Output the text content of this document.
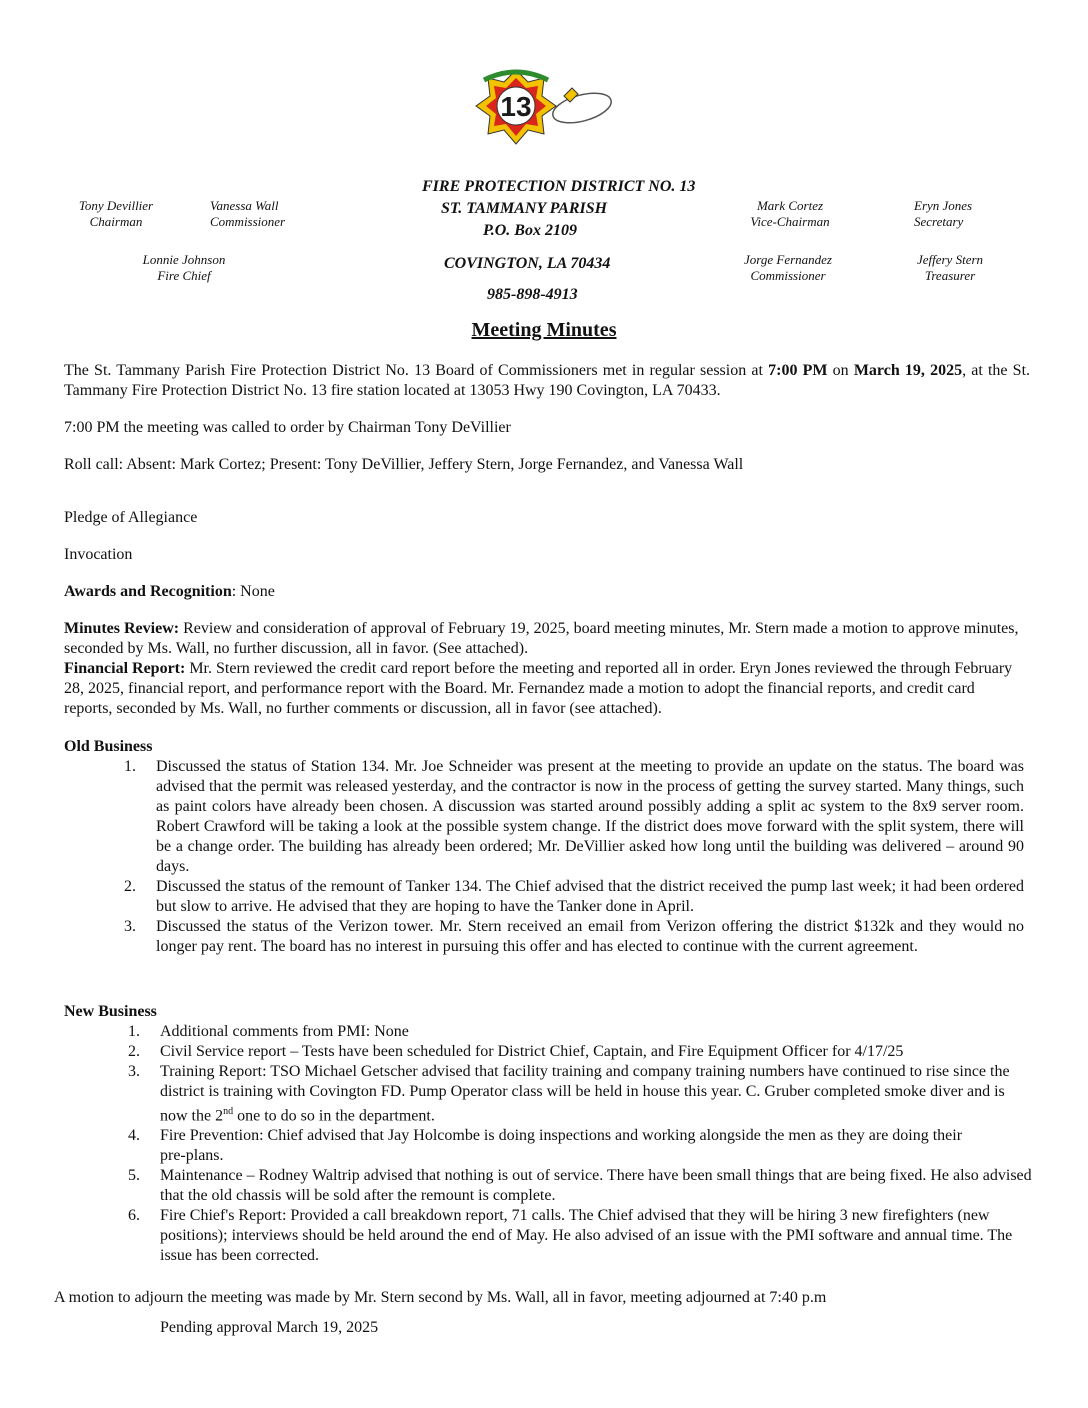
13
Tony Devillier
Chairman
Vanessa Wall
Commissioner
Lonnie Johnson
Fire Chief
Mark Cortez
Vice-Chairman
Eryn Jones
Secretary
Jorge Fernandez
Commissioner
Jeffery Stern
Treasurer
FIRE PROTECTION DISTRICT NO. 13
ST. TAMMANY PARISH
P.O. Box 2109
COVINGTON, LA 70434
985-898-4913
Meeting Minutes
The St. Tammany Parish Fire Protection District No. 13 Board of Commissioners met in regular session at 7:00 PM on March 19, 2025, at the St. Tammany Fire Protection District No. 13 fire station located at 13053 Hwy 190 Covington, LA 70433.
7:00 PM the meeting was called to order by Chairman Tony DeVillier
Roll call: Absent: Mark Cortez; Present: Tony DeVillier, Jeffery Stern, Jorge Fernandez, and Vanessa Wall
Pledge of Allegiance
Invocation
Awards and Recognition: None
Minutes Review: Review and consideration of approval of February 19, 2025, board meeting minutes, Mr. Stern made a motion to approve minutes, seconded by Ms. Wall, no further discussion, all in favor. (See attached).
Financial Report: Mr. Stern reviewed the credit card report before the meeting and reported all in order. Eryn Jones reviewed the through February 28, 2025, financial report, and performance report with the Board. Mr. Fernandez made a motion to adopt the financial reports, and credit card reports, seconded by Ms. Wall, no further comments or discussion, all in favor (see attached).
Old Business
1. Discussed the status of Station 134. Mr. Joe Schneider was present at the meeting to provide an update on the status. The board was advised that the permit was released yesterday, and the contractor is now in the process of getting the survey started. Many things, such as paint colors have already been chosen. A discussion was started around possibly adding a split ac system to the 8x9 server room. Robert Crawford will be taking a look at the possible system change. If the district does move forward with the split system, there will be a change order. The building has already been ordered; Mr. DeVillier asked how long until the building was delivered – around 90 days.
2. Discussed the status of the remount of Tanker 134. The Chief advised that the district received the pump last week; it had been ordered but slow to arrive. He advised that they are hoping to have the Tanker done in April.
3. Discussed the status of the Verizon tower. Mr. Stern received an email from Verizon offering the district $132k and they would no longer pay rent. The board has no interest in pursuing this offer and has elected to continue with the current agreement.
New Business
1. Additional comments from PMI: None
2. Civil Service report – Tests have been scheduled for District Chief, Captain, and Fire Equipment Officer for 4/17/25
3. Training Report: TSO Michael Getscher advised that facility training and company training numbers have continued to rise since the district is training with Covington FD. Pump Operator class will be held in house this year. C. Gruber completed smoke diver and is now the 2nd one to do so in the department.
4. Fire Prevention: Chief advised that Jay Holcombe is doing inspections and working alongside the men as they are doing their pre-plans.
5. Maintenance – Rodney Waltrip advised that nothing is out of service. There have been small things that are being fixed. He also advised that the old chassis will be sold after the remount is complete.
6. Fire Chief's Report: Provided a call breakdown report, 71 calls. The Chief advised that they will be hiring 3 new firefighters (new positions); interviews should be held around the end of May. He also advised of an issue with the PMI software and annual time. The issue has been corrected.
A motion to adjourn the meeting was made by Mr. Stern second by Ms. Wall, all in favor, meeting adjourned at 7:40 p.m
Pending approval March 19, 2025
